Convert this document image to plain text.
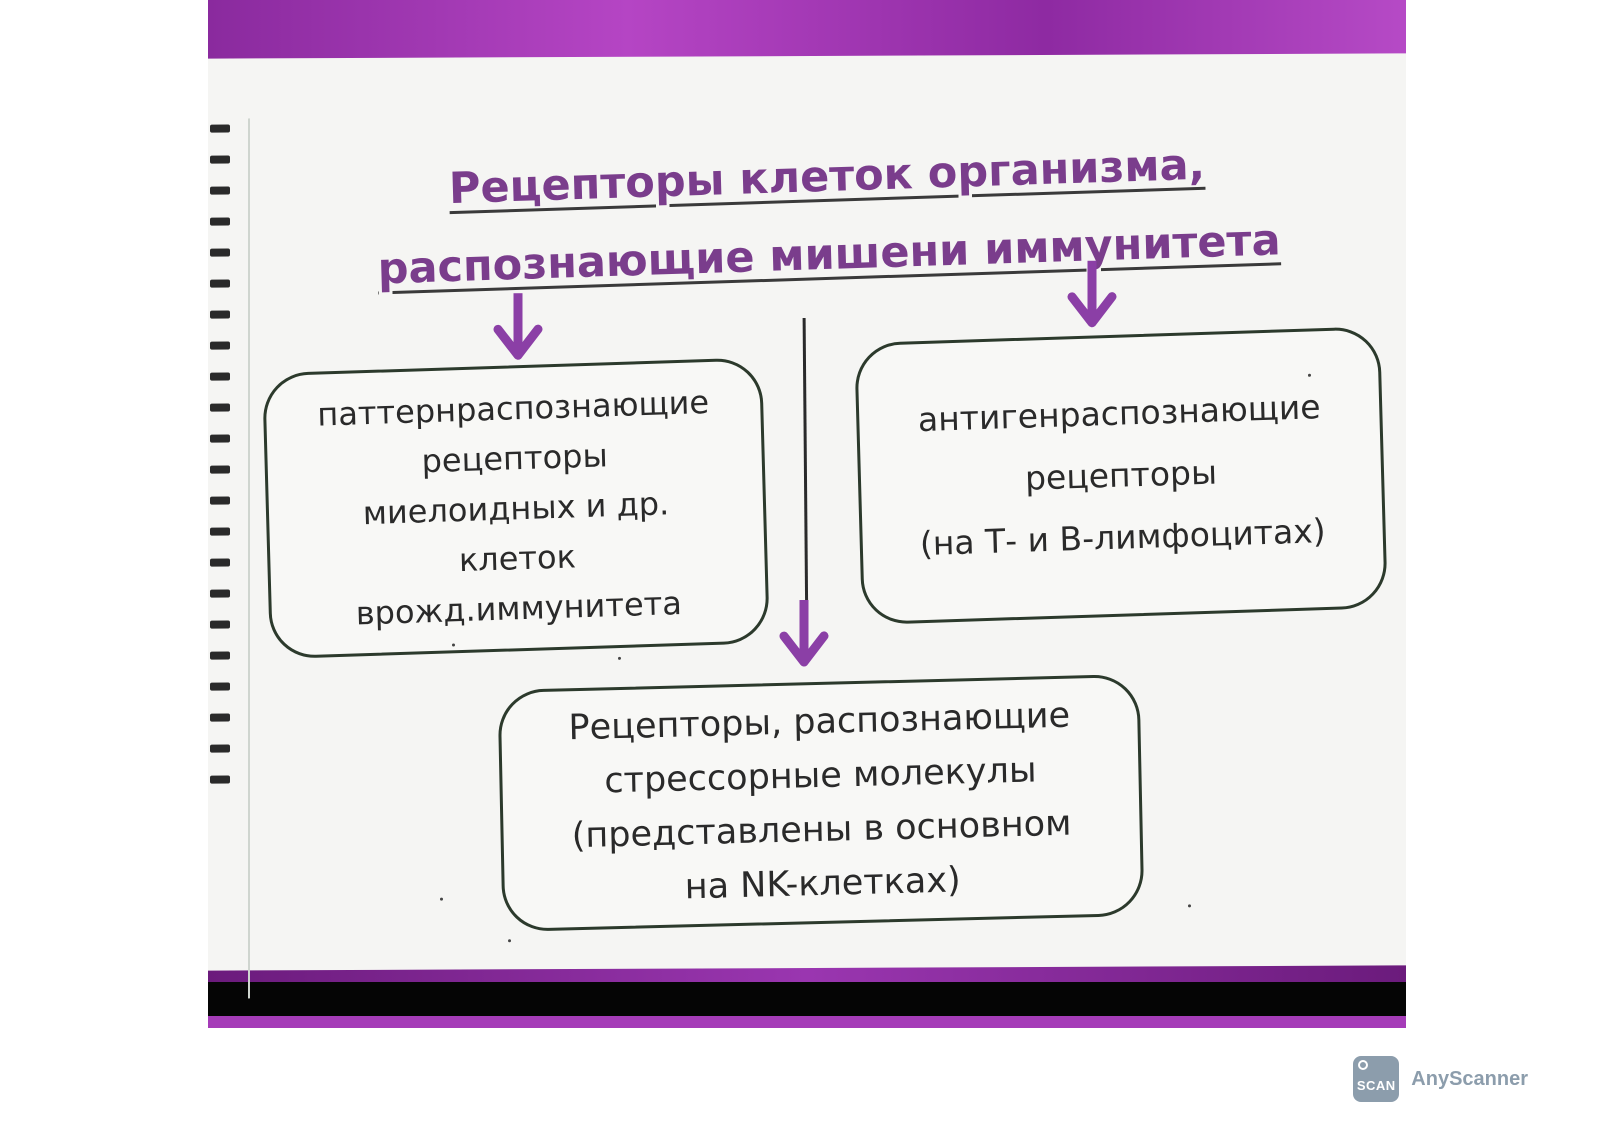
Рецепторы клеток организма,
распознающие мишени иммунитета
паттернраспознающие
рецепторы
миелоидных и др.
клеток
врожд.иммунитета
антигенраспознающие
рецепторы
(на Т- и В-лимфоцитах)
Рецепторы, распознающие
стрессорные молекулы
(представлены в основном
на NK-клетках)
SCAN AnyScanner
